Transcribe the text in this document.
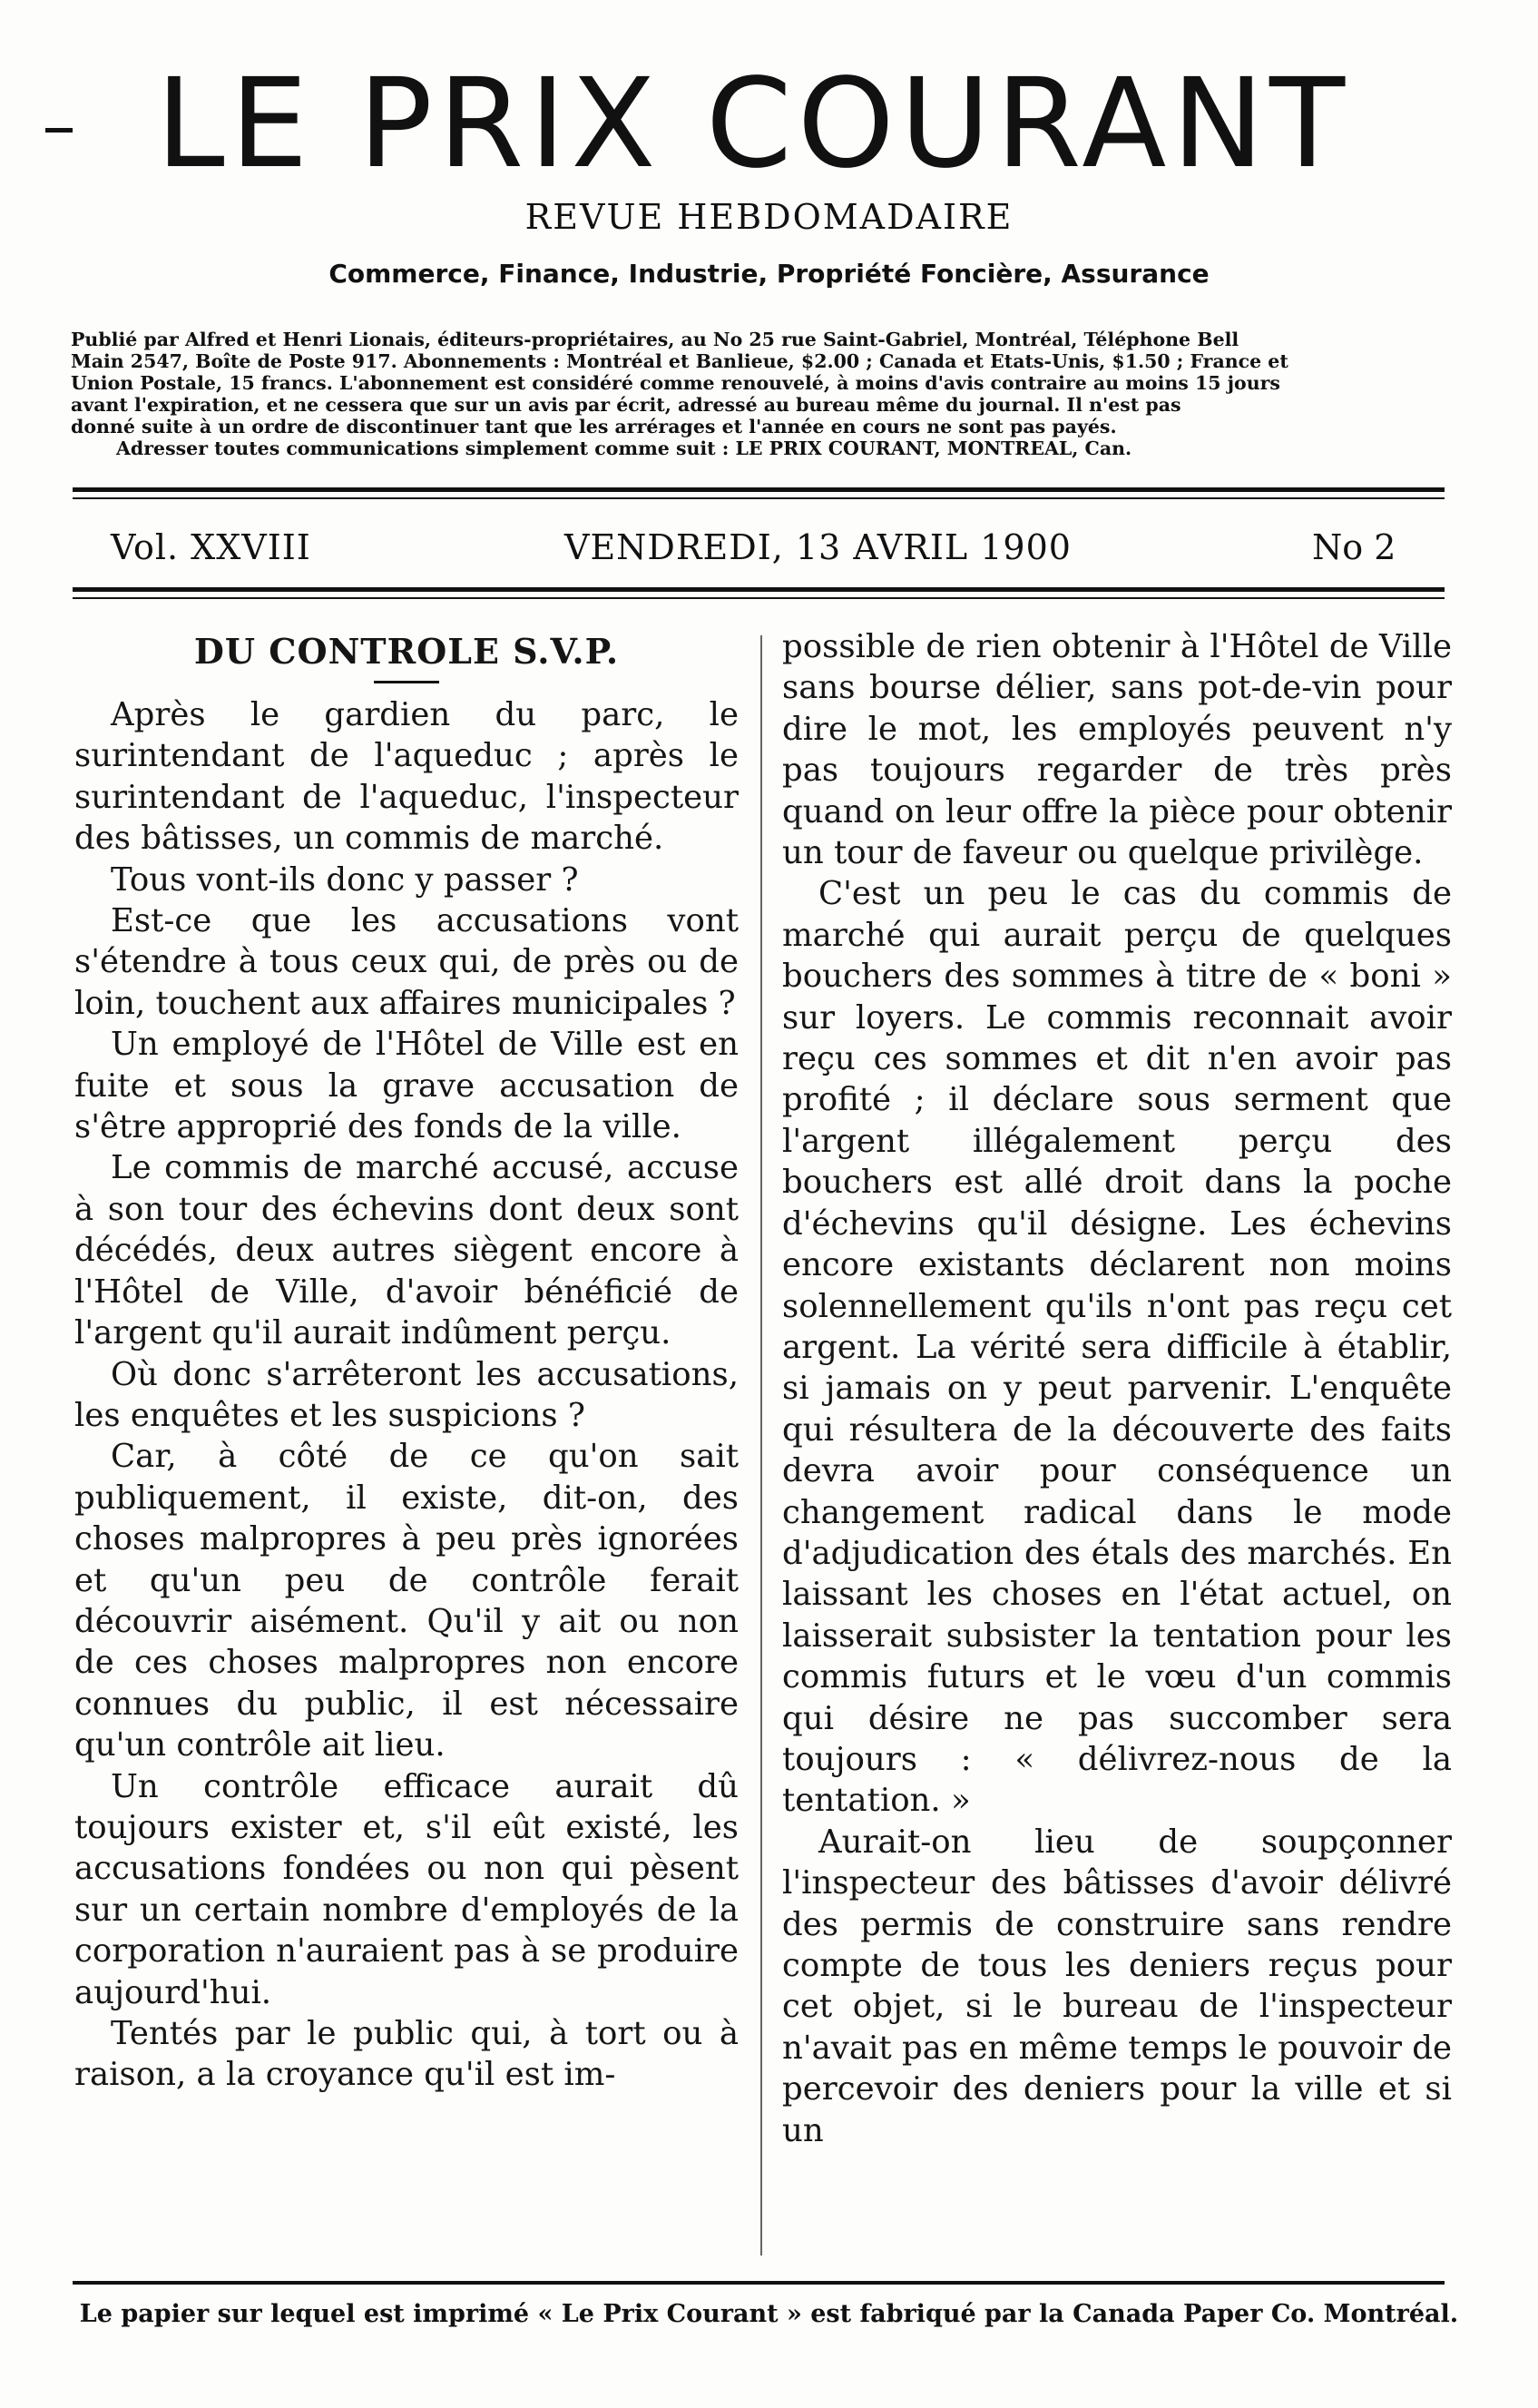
LE PRIX COURANT
REVUE HEBDOMADAIRE
Commerce, Finance, Industrie, Propriété Foncière, Assurance
Publié par Alfred et Henri Lionais, éditeurs-propriétaires, au No 25 rue Saint-Gabriel, Montréal, Téléphone Bell
Main 2547, Boîte de Poste 917. Abonnements : Montréal et Banlieue, $2.00 ; Canada et Etats-Unis, $1.50 ; France et
Union Postale, 15 francs. L'abonnement est considéré comme renouvelé, à moins d'avis contraire au moins 15 jours
avant l'expiration, et ne cessera que sur un avis par écrit, adressé au bureau même du journal. Il n'est pas
donné suite à un ordre de discontinuer tant que les arrérages et l'année en cours ne sont pas payés.
Adresser toutes communications simplement comme suit : LE PRIX COURANT, MONTREAL, Can.
Vol. XXVIII	VENDREDI, 13 AVRIL 1900	No 2
DU CONTROLE S.V.P.

Après le gardien du parc, le surintendant de l'aqueduc ; après le surintendant de l'aqueduc, l'inspecteur des bâtisses, un commis de marché.

Tous vont-ils donc y passer ?

Est-ce que les accusations vont s'étendre à tous ceux qui, de près ou de loin, touchent aux affaires municipales ?

Un employé de l'Hôtel de Ville est en fuite et sous la grave accusation de s'être approprié des fonds de la ville.

Le commis de marché accusé, accuse à son tour des échevins dont deux sont décédés, deux autres siègent encore à l'Hôtel de Ville, d'avoir bénéficié de l'argent qu'il aurait indûment perçu.

Où donc s'arrêteront les accusations, les enquêtes et les suspicions ?

Car, à côté de ce qu'on sait publiquement, il existe, dit-on, des choses malpropres à peu près ignorées et qu'un peu de contrôle ferait découvrir aisément. Qu'il y ait ou non de ces choses malpropres non encore connues du public, il est nécessaire qu'un contrôle ait lieu.

Un contrôle efficace aurait dû toujours exister et, s'il eût existé, les accusations fondées ou non qui pèsent sur un certain nombre d'employés de la corporation n'auraient pas à se produire aujourd'hui.

Tentés par le public qui, à tort ou à raison, a la croyance qu'il est im-

possible de rien obtenir à l'Hôtel de Ville sans bourse délier, sans pot-de-vin pour dire le mot, les employés peuvent n'y pas toujours regarder de très près quand on leur offre la pièce pour obtenir un tour de faveur ou quelque privilège.

C'est un peu le cas du commis de marché qui aurait perçu de quelques bouchers des sommes à titre de « boni » sur loyers. Le commis reconnait avoir reçu ces sommes et dit n'en avoir pas profité ; il déclare sous serment que l'argent illégalement perçu des bouchers est allé droit dans la poche d'échevins qu'il désigne. Les échevins encore existants déclarent non moins solennellement qu'ils n'ont pas reçu cet argent. La vérité sera difficile à établir, si jamais on y peut parvenir. L'enquête qui résultera de la découverte des faits devra avoir pour conséquence un changement radical dans le mode d'adjudication des étals des marchés. En laissant les choses en l'état actuel, on laisserait subsister la tentation pour les commis futurs et le vœu d'un commis qui désire ne pas succomber sera toujours : « délivrez-nous de la tentation. »

Aurait-on lieu de soupçonner l'inspecteur des bâtisses d'avoir délivré des permis de construire sans rendre compte de tous les deniers reçus pour cet objet, si le bureau de l'inspecteur n'avait pas en même temps le pouvoir de percevoir des deniers pour la ville et si un

Le papier sur lequel est imprimé « Le Prix Courant » est fabriqué par la Canada Paper Co. Montréal.
